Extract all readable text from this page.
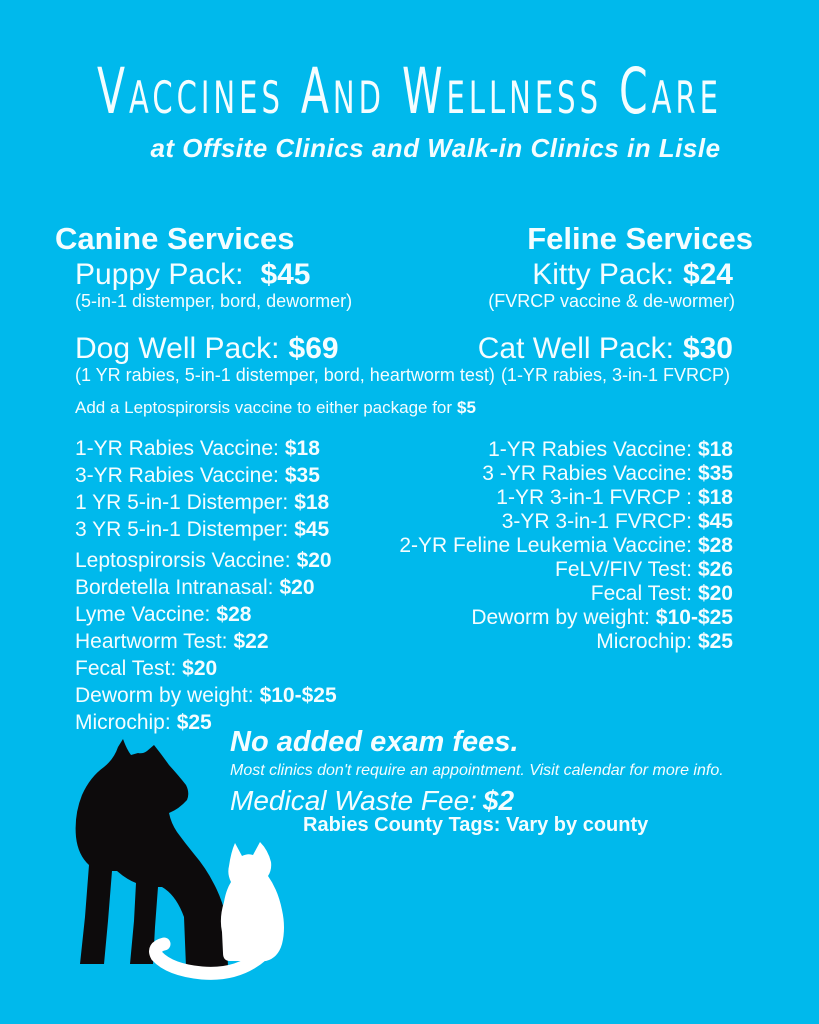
Vaccines And Wellness Care
at Offsite Clinics and Walk-in Clinics in Lisle
Canine Services
Puppy Pack: $45
(5-in-1 distemper, bord, dewormer)
Dog Well Pack: $69
(1 YR rabies, 5-in-1 distemper, bord, heartworm test)
Add a Leptospirorsis vaccine to either package for $5
1-YR Rabies Vaccine: $18
3-YR Rabies Vaccine: $35
1 YR 5-in-1 Distemper: $18
3 YR 5-in-1 Distemper: $45
Leptospirorsis Vaccine: $20
Bordetella Intranasal: $20
Lyme Vaccine: $28
Heartworm Test: $22
Fecal Test: $20
Deworm by weight: $10-$25
Microchip: $25
Feline Services
Kitty Pack: $24
(FVRCP vaccine & de-wormer)
Cat Well Pack: $30
(1-YR rabies, 3-in-1 FVRCP)
1-YR Rabies Vaccine: $18
3 -YR Rabies Vaccine: $35
1-YR 3-in-1 FVRCP : $18
3-YR 3-in-1 FVRCP: $45
2-YR Feline Leukemia Vaccine: $28
FeLV/FIV Test: $26
Fecal Test: $20
Deworm by weight: $10-$25
Microchip: $25
No added exam fees.
Most clinics don't require an appointment. Visit calendar for more info.
Medical Waste Fee: $2
Rabies County Tags: Vary by county
